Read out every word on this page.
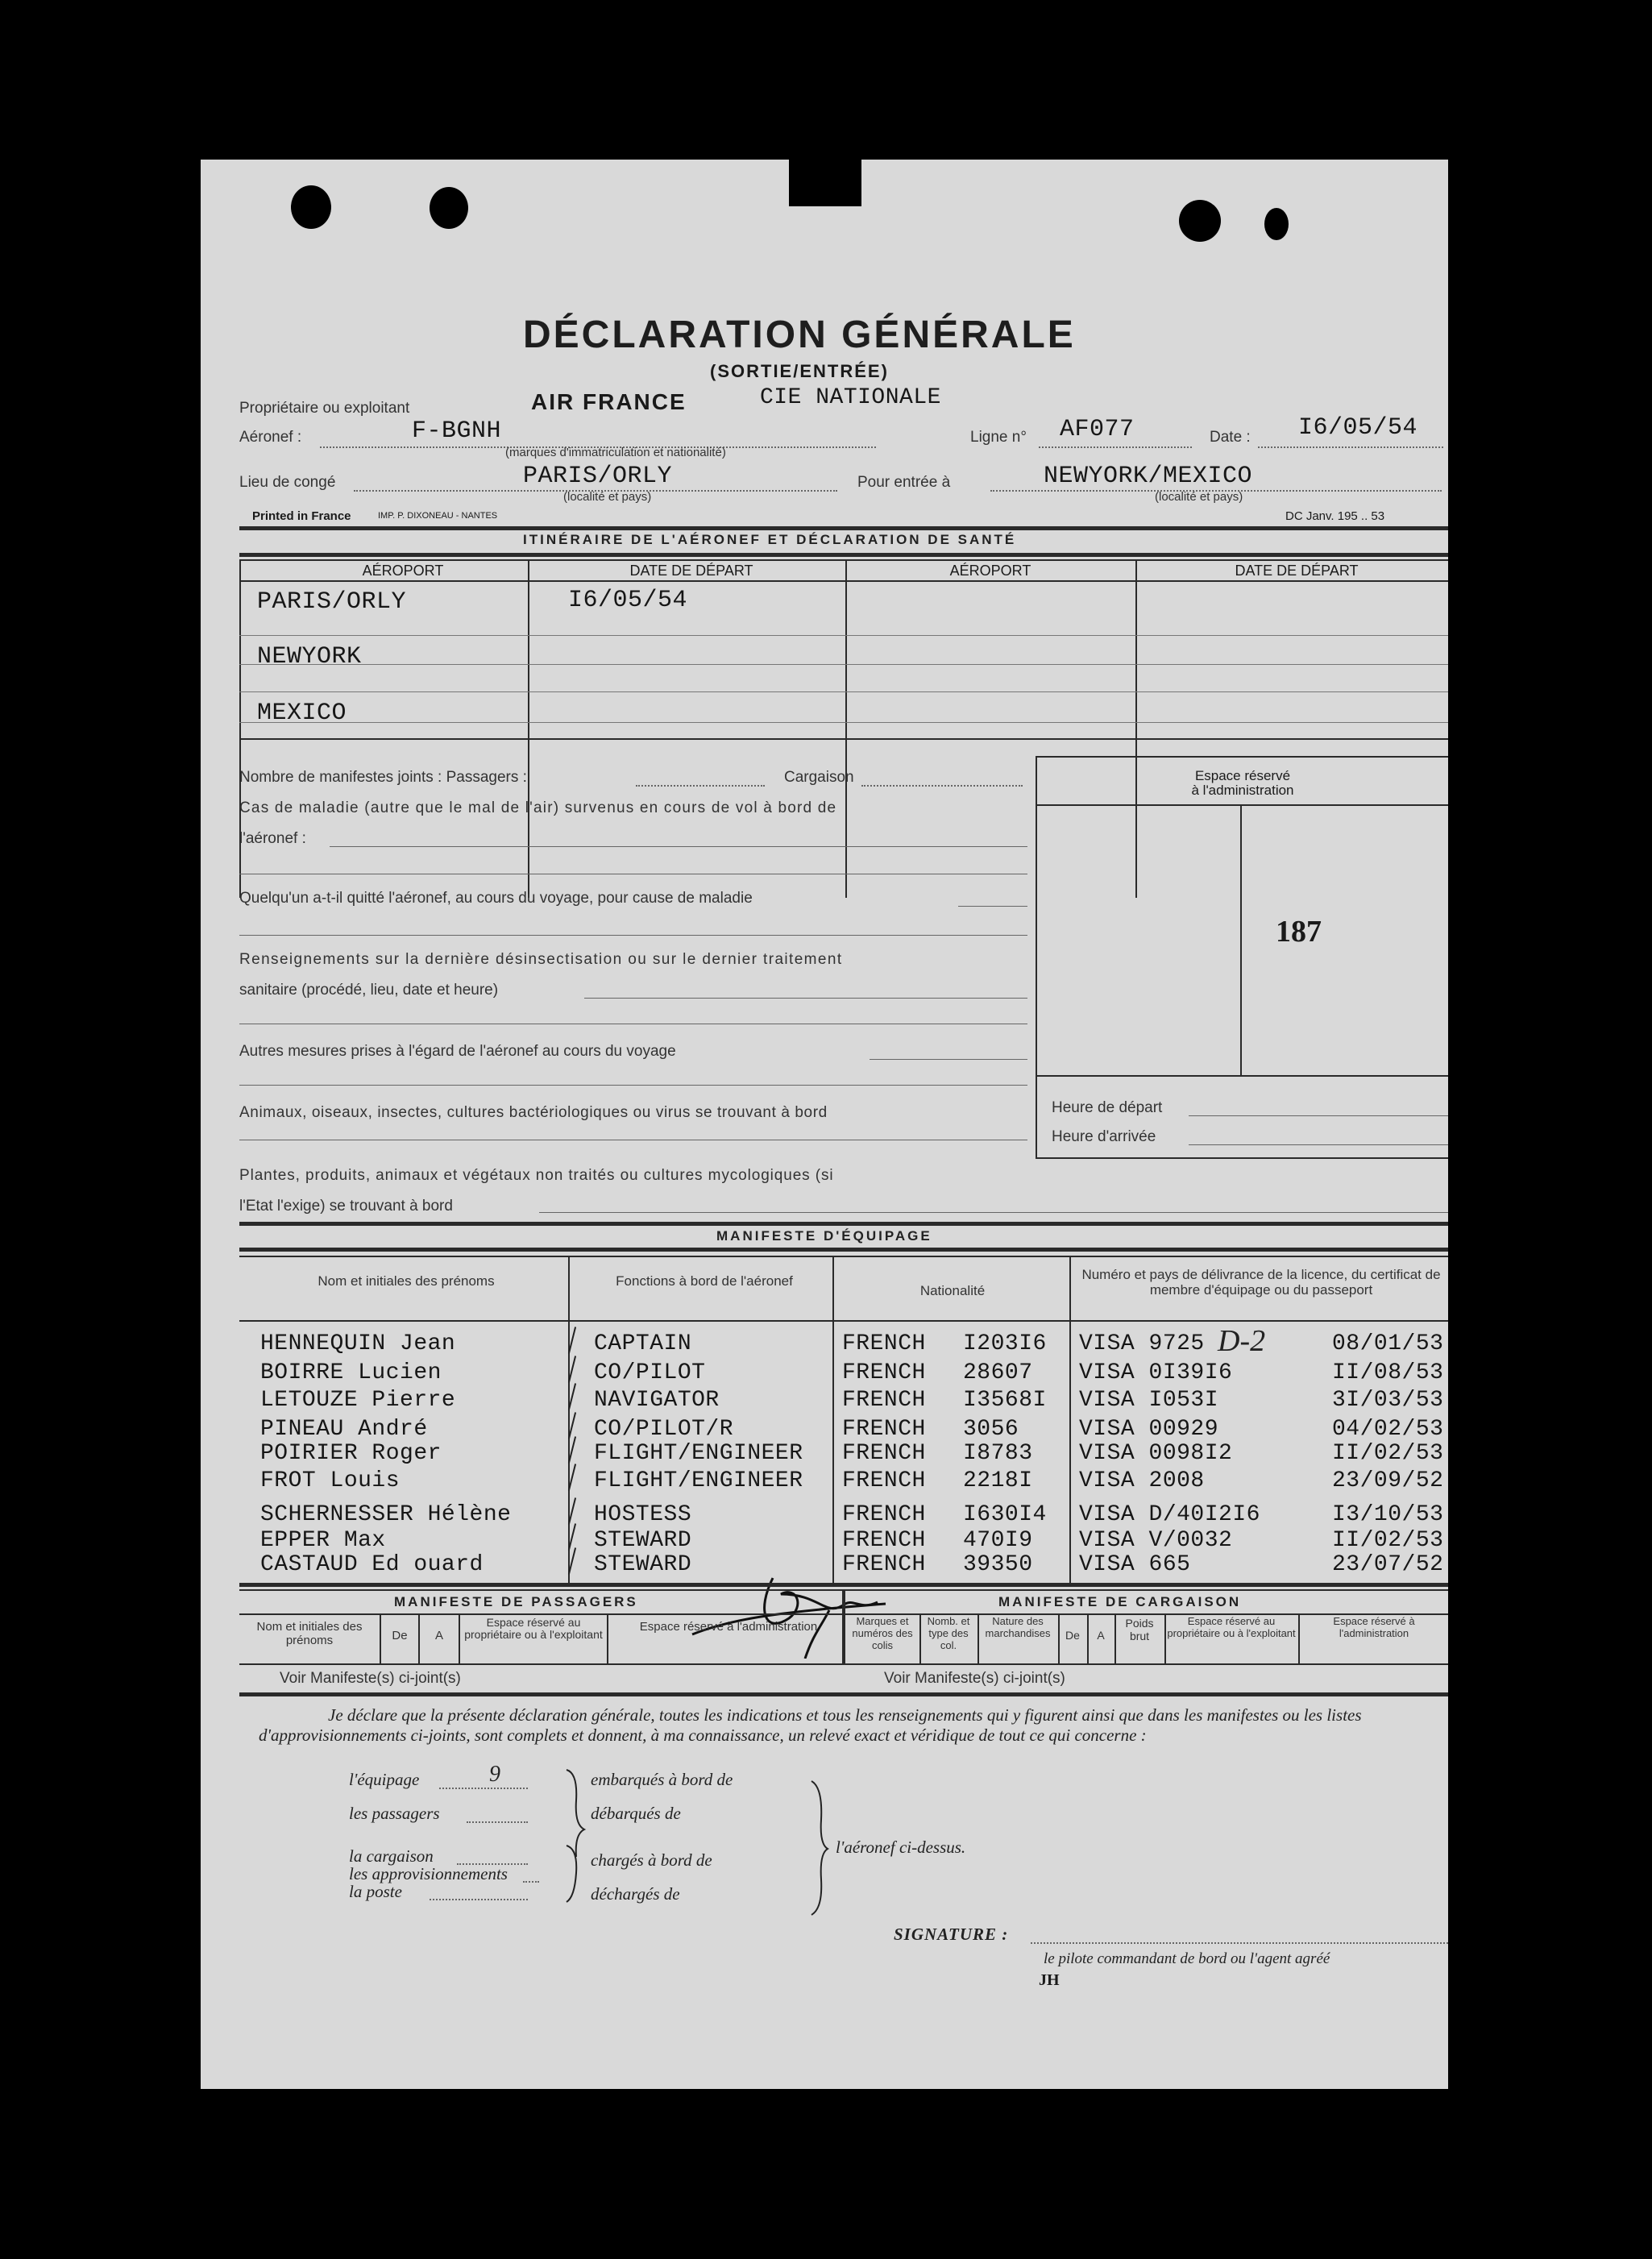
DÉCLARATION GÉNÉRALE
(SORTIE/ENTRÉE)
Propriétaire ou exploitant	AIR FRANCE	CIE NATIONALE
Aéronef :	F-BGNH
(marques d'immatriculation et nationalité)
Ligne n° AF077	Date : I6/05/54
Lieu de congé	PARIS/ORLY
(localité et pays)
Pour entrée à	NEWYORK/MEXICO
(localité et pays)
Printed in France	IMP. P. DIXONEAU - NANTES	DC Janv. 195 .. 53
ITINÉRAIRE DE L'AÉRONEF ET DÉCLARATION DE SANTÉ
AÉROPORT	DATE DE DÉPART	AÉROPORT	DATE DE DÉPART
PARIS/ORLY	I6/05/54
NEWYORK
MEXICO
Nombre de manifestes joints : Passagers :	Cargaison
Cas de maladie (autre que le mal de l'air) survenus en cours de vol à bord de
l'aéronef :
Quelqu'un a-t-il quitté l'aéronef, au cours du voyage, pour cause de maladie
Renseignements sur la dernière désinsectisation ou sur le dernier traitement
sanitaire (procédé, lieu, date et heure)
Autres mesures prises à l'égard de l'aéronef au cours du voyage
Animaux, oiseaux, insectes, cultures bactériologiques ou virus se trouvant à bord
Plantes, produits, animaux et végétaux non traités ou cultures mycologiques (si
l'Etat l'exige) se trouvant à bord
Espace réservé
à l'administration
187
Heure de départ
Heure d'arrivée
MANIFESTE D'ÉQUIPAGE
Nom et initiales des prénoms	Fonctions à bord de l'aéronef
Nationalité
Numéro et pays de délivrance de la licence, du certificat de membre d'équipage ou du passeport
HENNEQUIN Jean	CAPTAIN	FRENCH I203I6 VISA 9725	08/01/53
BOIRRE Lucien	CO/PILOT	FRENCH 28607 VISA 0I39I6	II/08/53
LETOUZE Pierre	NAVIGATOR	FRENCH I3568I VISA I053I	3I/03/53
PINEAU André	CO/PILOT/R	FRENCH 3056	VISA 00929	04/02/53
POIRIER Roger	FLIGHT/ENGINEER FRENCH I8783 VISA 0098I2	II/02/53
FROT Louis	FLIGHT/ENGINEER FRENCH 2218I VISA 2008	23/09/52
SCHERNESSER Hélène	HOSTESS	FRENCH I630I4 VISA D/40I2I6	I3/10/53
EPPER Max	STEWARD	FRENCH 470I9 VISA V/0032	II/02/53
CASTAUD Ed ouard	STEWARD	FRENCH 39350 VISA 665	23/07/52
D-2
MANIFESTE DE PASSAGERS	MANIFESTE DE CARGAISON
Nom et initiales des prénoms	De	A
Espace réservé au propriétaire ou à l'exploitant
Espace réservé à l'administration	Marques et numéros des colis
Nomb. et type des col.
Nature des marchandises	De	A
Poids brut
Espace réservé au propriétaire ou à l'exploitant
Espace réservé à l'administration
Voir Manifeste(s) ci-joint(s)	Voir Manifeste(s) ci-joint(s)
Je déclare que la présente déclaration générale, toutes les indications et tous les renseignements qui y figurent ainsi que dans les manifestes ou les listes d'approvisionnements ci-joints, sont complets et donnent, à ma connaissance, un relevé exact et véridique de tout ce qui concerne :
l'équipage	9
les passagers
la cargaison
les approvisionnements
la poste
embarqués à bord de
débarqués de
chargés à bord de
déchargés de
l'aéronef ci-dessus.
SIGNATURE :
le pilote commandant de bord ou l'agent agréé
JH
